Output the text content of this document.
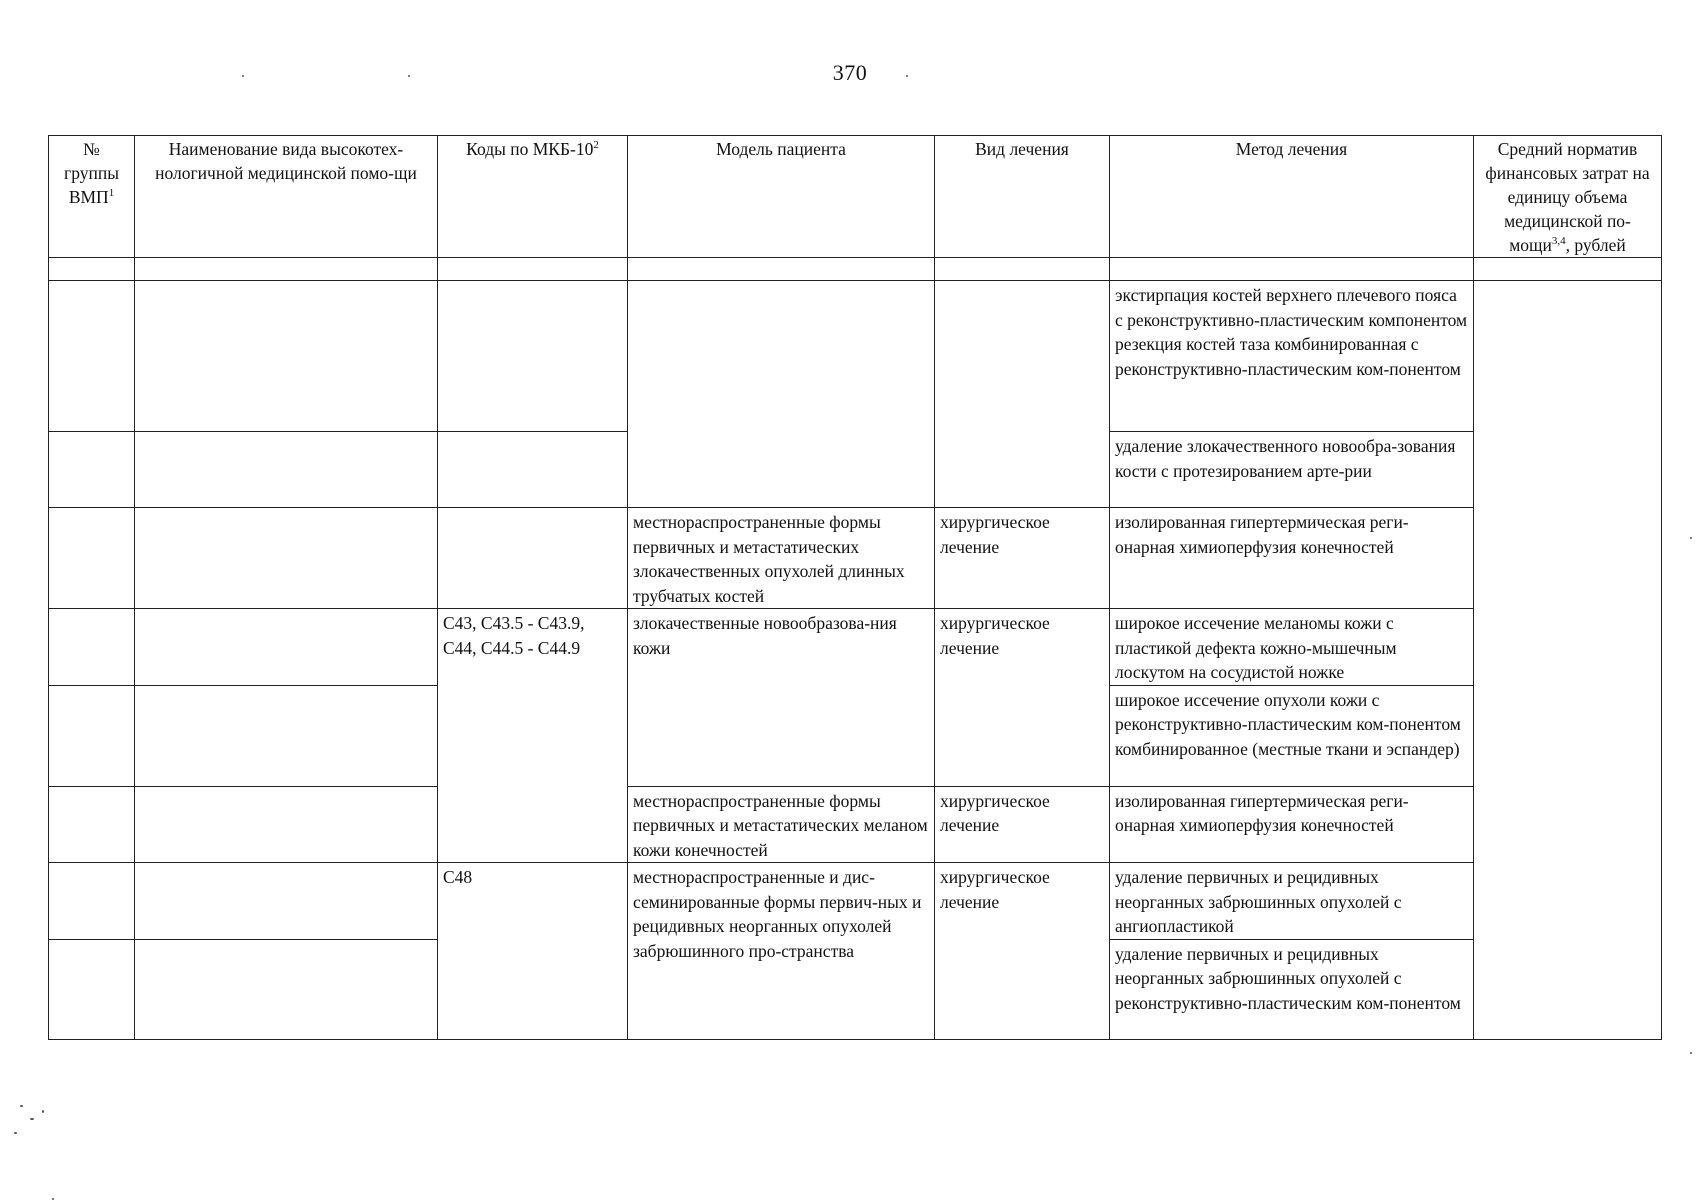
370
№ группы ВМП$^1$	Наименование вида высокотех-нологичной медицинской помо-щи	Коды по МКБ-$10^2$	Модель пациента	Вид лечения	Метод лечения	Средний норматив финансовых затрат на единицу объема медицинской по-мощи$^{3,4}$, рублей

					экстирпация костей верхнего плечевого пояса с реконструктивно-пластическим компонентом резекция костей таза комбинированная с реконструктивно-пластическим ком-понентом	
					удаление злокачественного новообра-зования кости с протезированием арте-рии	
			местнораспространенные формы первичных и метастатических злокачественных опухолей длинных трубчатых костей	хирургическое лечение	изолированная гипертермическая реги-онарная химиоперфузия конечностей	
		C43, C43.5 - C43.9, C44, C44.5 - C44.9	злокачественные новообразова-ния кожи	хирургическое лечение	широкое иссечение меланомы кожи с пластикой дефекта кожно-мышечным лоскутом на сосудистой ножке	
					широкое иссечение опухоли кожи с реконструктивно-пластическим ком-понентом комбинированное (местные ткани и эспандер)	
			местнораспространенные формы первичных и метастатических меланом кожи конечностей	хирургическое лечение	изолированная гипертермическая реги-онарная химиоперфузия конечностей	
		C48	местнораспространенные и дис-семинированные формы первич-ных и рецидивных неорганных опухолей забрюшинного про-странства	хирургическое лечение	удаление первичных и рецидивных неорганных забрюшинных опухолей с ангиопластикой	
					удаление первичных и рецидивных неорганных забрюшинных опухолей с реконструктивно-пластическим ком-понентом	
